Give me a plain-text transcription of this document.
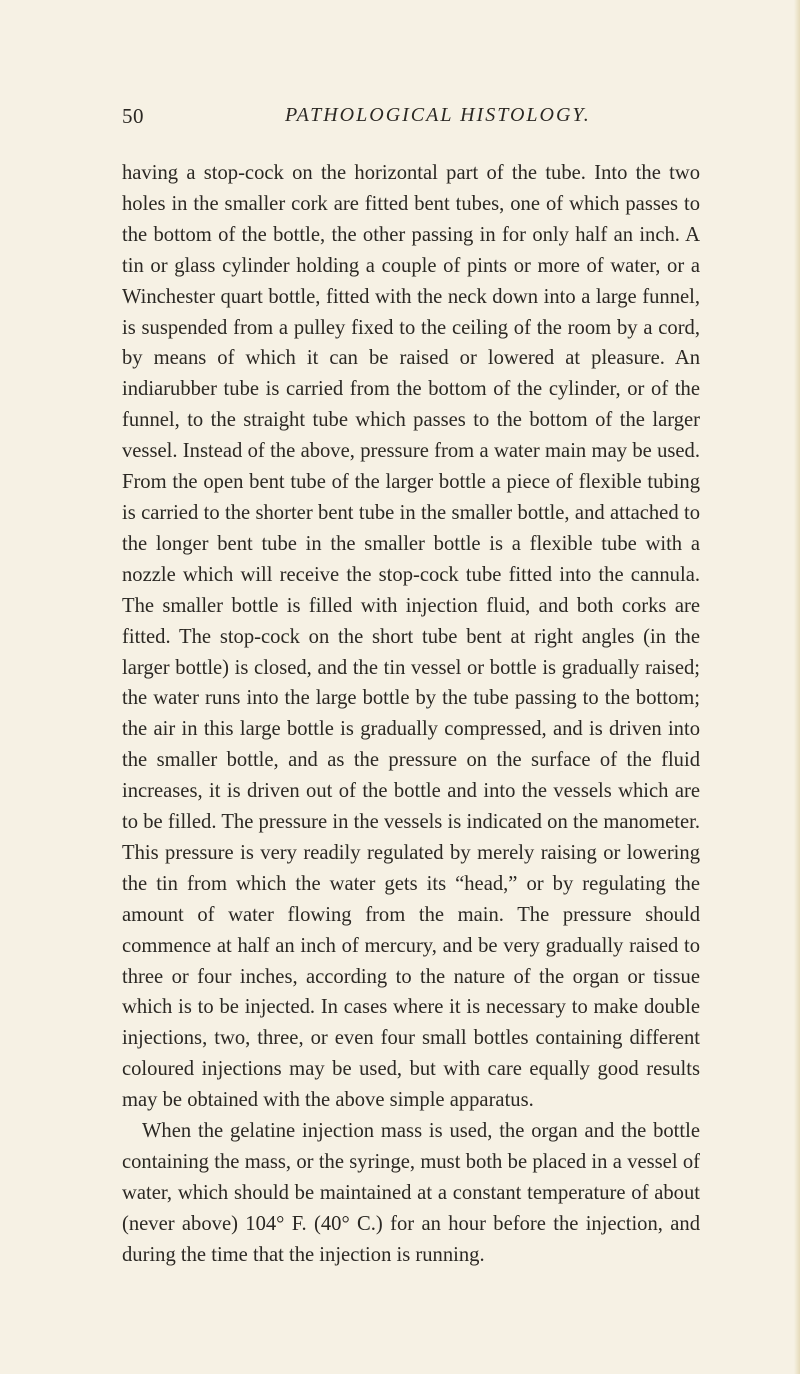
50	PATHOLOGICAL HISTOLOGY.

having a stop-cock on the horizontal part of the tube. Into the two holes in the smaller cork are fitted bent tubes, one of which passes to the bottom of the bottle, the other passing in for only half an inch. A tin or glass cylinder holding a couple of pints or more of water, or a Winchester quart bottle, fitted with the neck down into a large funnel, is suspended from a pulley fixed to the ceiling of the room by a cord, by means of which it can be raised or lowered at pleasure. An indiarubber tube is carried from the bottom of the cylinder, or of the funnel, to the straight tube which passes to the bottom of the larger vessel. Instead of the above, pressure from a water main may be used. From the open bent tube of the larger bottle a piece of flexible tubing is carried to the shorter bent tube in the smaller bottle, and attached to the longer bent tube in the smaller bottle is a flexible tube with a nozzle which will receive the stop-cock tube fitted into the cannula. The smaller bottle is filled with injection fluid, and both corks are fitted. The stop-cock on the short tube bent at right angles (in the larger bottle) is closed, and the tin vessel or bottle is gradually raised; the water runs into the large bottle by the tube passing to the bottom; the air in this large bottle is gradually compressed, and is driven into the smaller bottle, and as the pressure on the surface of the fluid increases, it is driven out of the bottle and into the vessels which are to be filled. The pressure in the vessels is indicated on the manometer. This pressure is very readily regulated by merely raising or lowering the tin from which the water gets its “head,” or by regulating the amount of water flowing from the main. The pressure should commence at half an inch of mercury, and be very gradually raised to three or four inches, according to the nature of the organ or tissue which is to be injected. In cases where it is necessary to make double injections, two, three, or even four small bottles containing different coloured injections may be used, but with care equally good results may be obtained with the above simple apparatus.

When the gelatine injection mass is used, the organ and the bottle containing the mass, or the syringe, must both be placed in a vessel of water, which should be maintained at a constant temperature of about (never above) 104° F. (40° C.) for an hour before the injection, and during the time that the injection is running.
